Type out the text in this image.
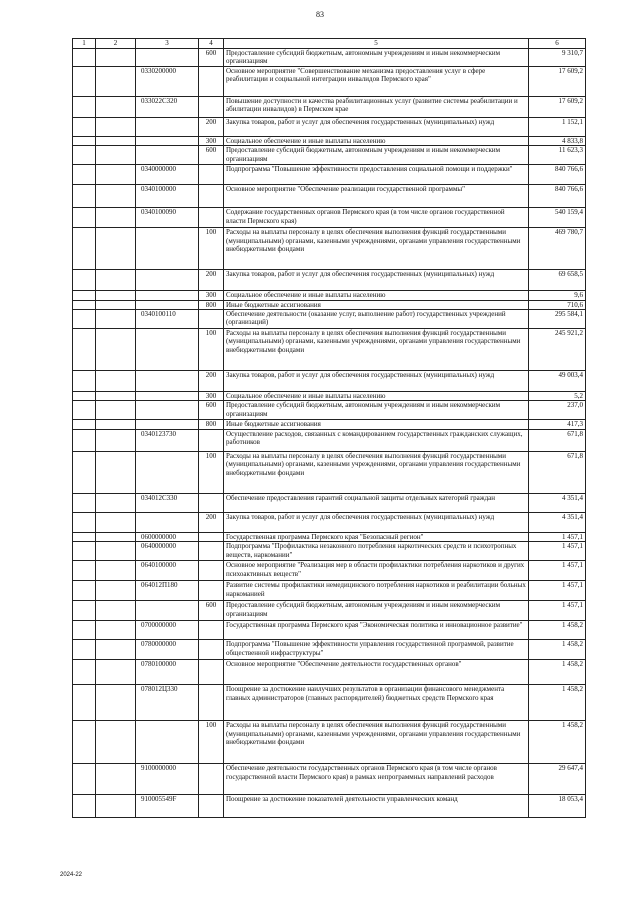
83
1	2	3	4	5	6
			600	Предоставление субсидий бюджетным, автономным учреждениям и иным некоммерческим организациям	9 310,7
		0330200000		Основное мероприятие "Совершенствование механизма предоставления услуг в сфере реабилитации и социальной интеграции инвалидов Пермского края"	17 609,2
		033022С320		Повышение доступности и качества реабилитационных услуг (развитие системы реабилитации и абилитации инвалидов) в Пермском крае	17 609,2
			200	Закупка товаров, работ и услуг для обеспечения государственных (муниципальных) нужд	1 152,1
			300	Социальное обеспечение и иные выплаты населению	4 833,8
			600	Предоставление субсидий бюджетным, автономным учреждениям и иным некоммерческим организациям	11 623,3
		0340000000		Подпрограмма "Повышение эффективности предоставления социальной помощи и поддержки"	840 766,6
		0340100000		Основное мероприятие "Обеспечение реализации государственной программы"	840 766,6
		0340100090		Содержание государственных органов Пермского края (в том числе органов государственной власти Пермского края)	540 159,4
			100	Расходы на выплаты персоналу в целях обеспечения выполнения функций государственными (муниципальными) органами, казенными учреждениями, органами управления государственными внебюджетными фондами	469 780,7
			200	Закупка товаров, работ и услуг для обеспечения государственных (муниципальных) нужд	69 658,5
			300	Социальное обеспечение и иные выплаты населению	9,6
			800	Иные бюджетные ассигнования	710,6
		0340100110		Обеспечение деятельности (оказание услуг, выполнение работ) государственных учреждений (организаций)	295 584,1
			100	Расходы на выплаты персоналу в целях обеспечения выполнения функций государственными (муниципальными) органами, казенными учреждениями, органами управления государственными внебюджетными фондами	245 921,2
			200	Закупка товаров, работ и услуг для обеспечения государственных (муниципальных) нужд	49 003,4
			300	Социальное обеспечение и иные выплаты населению	5,2
			600	Предоставление субсидий бюджетным, автономным учреждениям и иным некоммерческим организациям	237,0
			800	Иные бюджетные ассигнования	417,3
		0340123730		Осуществление расходов, связанных с командированием государственных гражданских служащих, работников	671,8
			100	Расходы на выплаты персоналу в целях обеспечения выполнения функций государственными (муниципальными) органами, казенными учреждениями, органами управления государственными внебюджетными фондами	671,8
		034012С330		Обеспечение предоставления гарантий социальной защиты отдельных категорий граждан	4 351,4
			200	Закупка товаров, работ и услуг для обеспечения государственных (муниципальных) нужд	4 351,4
		0600000000		Государственная программа Пермского края "Безопасный регион"	1 457,1
		0640000000		Подпрограмма "Профилактика незаконного потребления наркотических средств и психотропных веществ, наркомании"	1 457,1
		0640100000		Основное мероприятие "Реализация мер в области профилактики потребления наркотиков и других психоактивных веществ"	1 457,1
		064012П180		Развитие системы профилактики немедицинского потребления наркотиков и реабилитации больных наркоманией	1 457,1
			600	Предоставление субсидий бюджетным, автономным учреждениям и иным некоммерческим организациям	1 457,1
		0700000000		Государственная программа Пермского края "Экономическая политика и инновационное развитие"	1 458,2
		0780000000		Подпрограмма "Повышение эффективности управления государственной программой, развитие общественной инфраструктуры"	1 458,2
		0780100000		Основное мероприятие "Обеспечение деятельности государственных органов"	1 458,2
		078012Ц330		Поощрение за достижение наилучших результатов в организации финансового менеджмента главных администраторов (главных распорядителей) бюджетных средств Пермского края	1 458,2
			100	Расходы на выплаты персоналу в целях обеспечения выполнения функций государственными (муниципальными) органами, казенными учреждениями, органами управления государственными внебюджетными фондами	1 458,2
		9100000000		Обеспечение деятельности государственных органов Пермского края (в том числе органов государственной власти Пермского края) в рамках непрограммных направлений расходов	29 647,4
		910005549F		Поощрение за достижение показателей деятельности управленческих команд	18 053,4
2024-22
